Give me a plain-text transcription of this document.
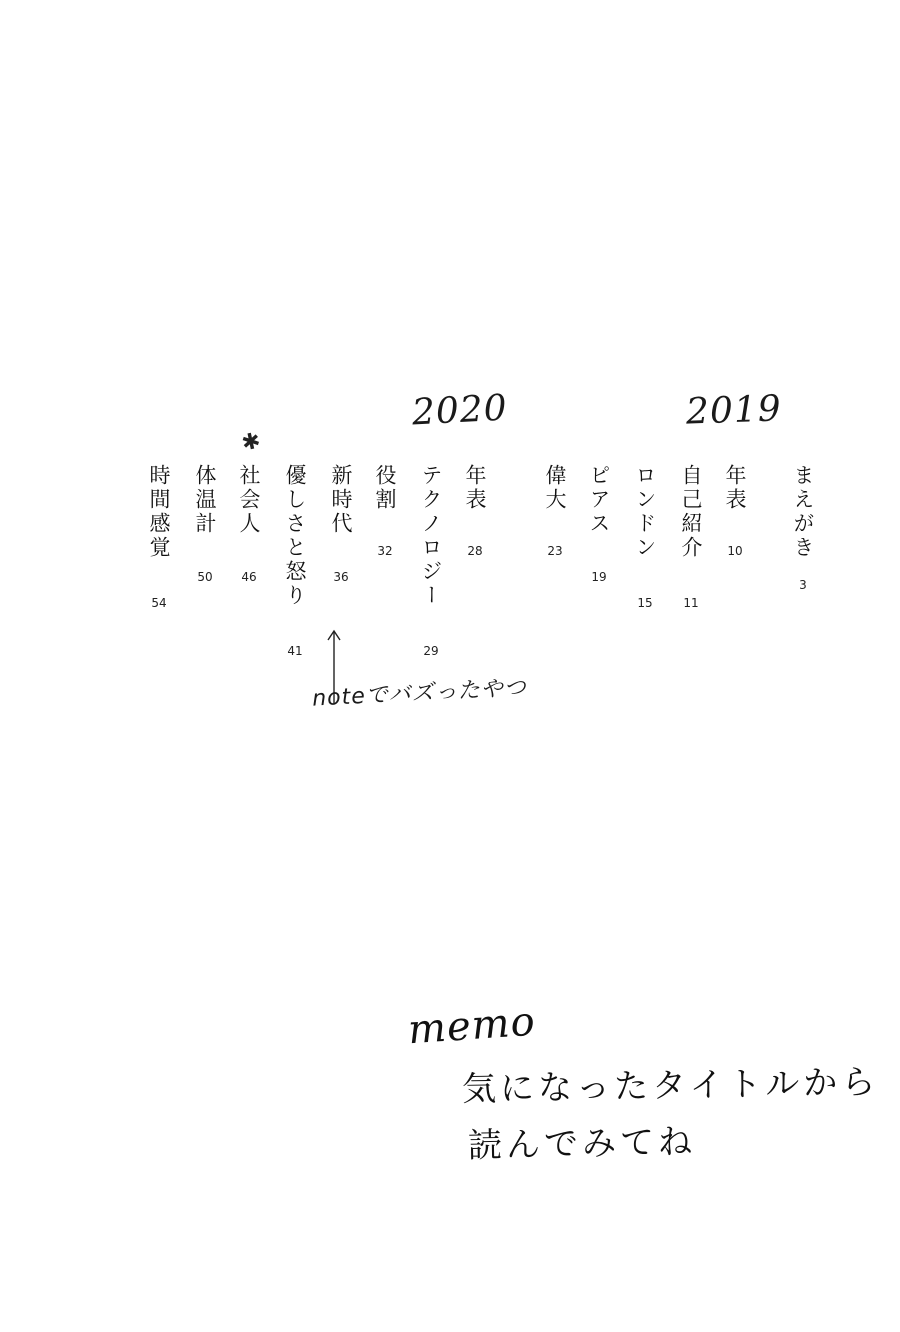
2020	2019
まえがき
3
年表
10
自己紹介
11
ロンドン
15
ピアス
19
偉大
23
年表
28
テクノロジー
29
役割
32
新時代
36
優しさと怒り
41
社会人
46
体温計
50
時間感覚
54
✱
noteでバズったやつ
memo
気になったタイトルから
読んでみてね
